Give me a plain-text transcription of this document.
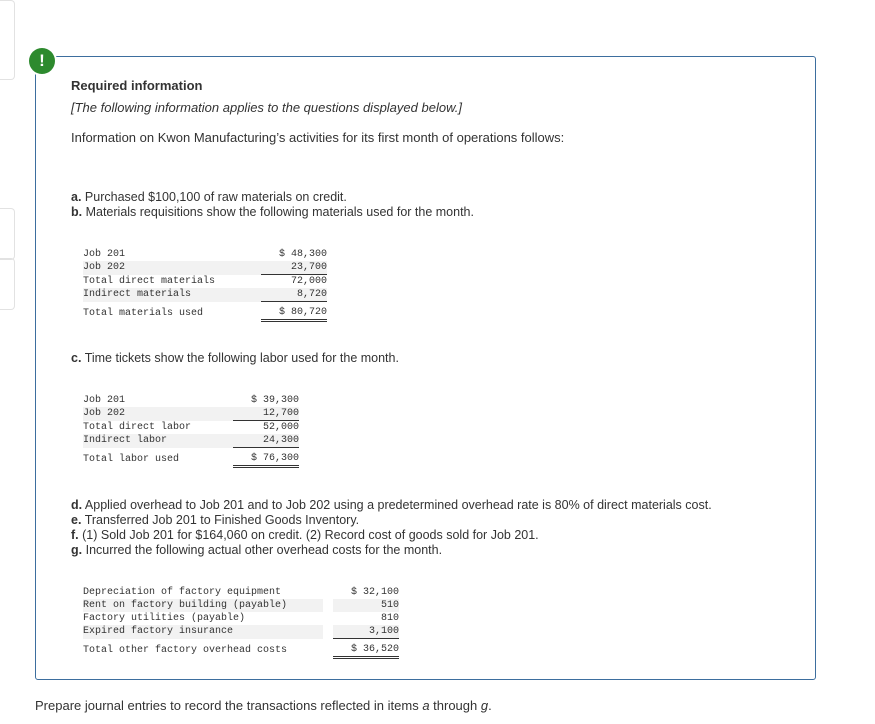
!
Required information
[The following information applies to the questions displayed below.]
Information on Kwon Manufacturing’s activities for its first month of operations follows:
a. Purchased $100,100 of raw materials on credit.
b. Materials requisitions show the following materials used for the month.
Job 201	$ 48,300
Job 202	23,700
Total direct materials	72,000
Indirect materials	8,720
Total materials used	$ 80,720
c. Time tickets show the following labor used for the month.
Job 201	$ 39,300
Job 202	12,700
Total direct labor	52,000
Indirect labor	24,300
Total labor used	$ 76,300
d. Applied overhead to Job 201 and to Job 202 using a predetermined overhead rate is 80% of direct materials cost.
e. Transferred Job 201 to Finished Goods Inventory.
f. (1) Sold Job 201 for $164,060 on credit. (2) Record cost of goods sold for Job 201.
g. Incurred the following actual other overhead costs for the month.
Depreciation of factory equipment		$ 32,100
Rent on factory building (payable)		510
Factory utilities (payable)		810
Expired factory insurance		3,100
Total other factory overhead costs		$ 36,520
Prepare journal entries to record the transactions reflected in items a through g.
